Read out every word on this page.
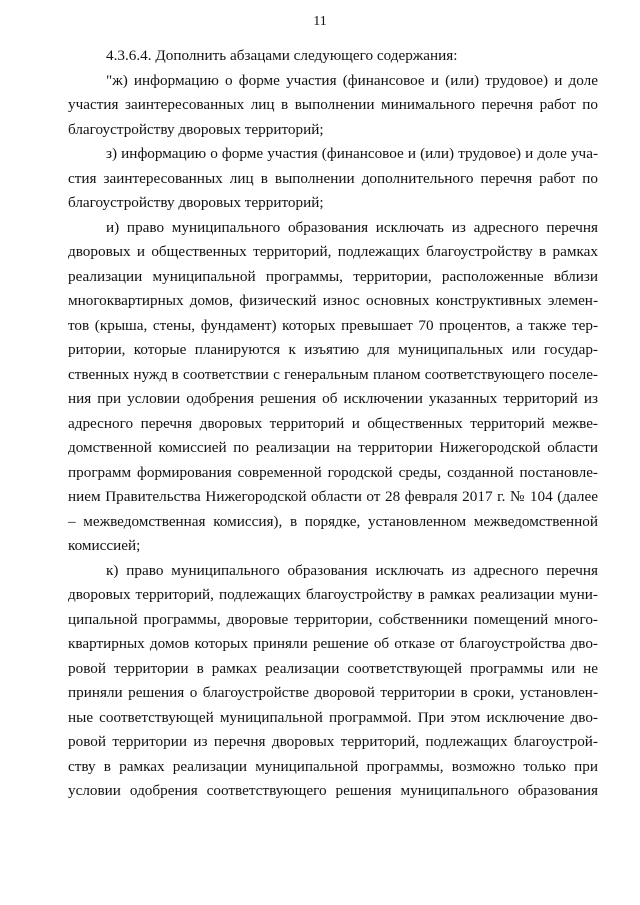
11
4.3.6.4. Дополнить абзацами следующего содержания:
"ж) информацию о форме участия (финансовое и (или) трудовое) и доле
участия заинтересованных лиц в выполнении минимального перечня работ по
благоустройству дворовых территорий;
з) информацию о форме участия (финансовое и (или) трудовое) и доле уча-
стия заинтересованных лиц в выполнении дополнительного перечня работ по
благоустройству дворовых территорий;
и) право муниципального образования исключать из адресного перечня
дворовых и общественных территорий, подлежащих благоустройству в рамках
реализации муниципальной программы, территории, расположенные вблизи
многоквартирных домов, физический износ основных конструктивных элемен-
тов (крыша, стены, фундамент) которых превышает 70 процентов, а также тер-
ритории, которые планируются к изъятию для муниципальных или государ-
ственных нужд в соответствии с генеральным планом соответствующего поселе-
ния при условии одобрения решения об исключении указанных территорий из
адресного перечня дворовых территорий и общественных территорий межве-
домственной комиссией по реализации на территории Нижегородской области
программ формирования современной городской среды, созданной постановле-
нием Правительства Нижегородской области от 28 февраля 2017 г. № 104 (далее
– межведомственная комиссия), в порядке, установленном межведомственной
комиссией;
к) право муниципального образования исключать из адресного перечня
дворовых территорий, подлежащих благоустройству в рамках реализации муни-
ципальной программы, дворовые территории, собственники помещений много-
квартирных домов которых приняли решение об отказе от благоустройства дво-
ровой территории в рамках реализации соответствующей программы или не
приняли решения о благоустройстве дворовой территории в сроки, установлен-
ные соответствующей муниципальной программой. При этом исключение дво-
ровой территории из перечня дворовых территорий, подлежащих благоустрой-
ству в рамках реализации муниципальной программы, возможно только при
условии одобрения соответствующего решения муниципального образования
